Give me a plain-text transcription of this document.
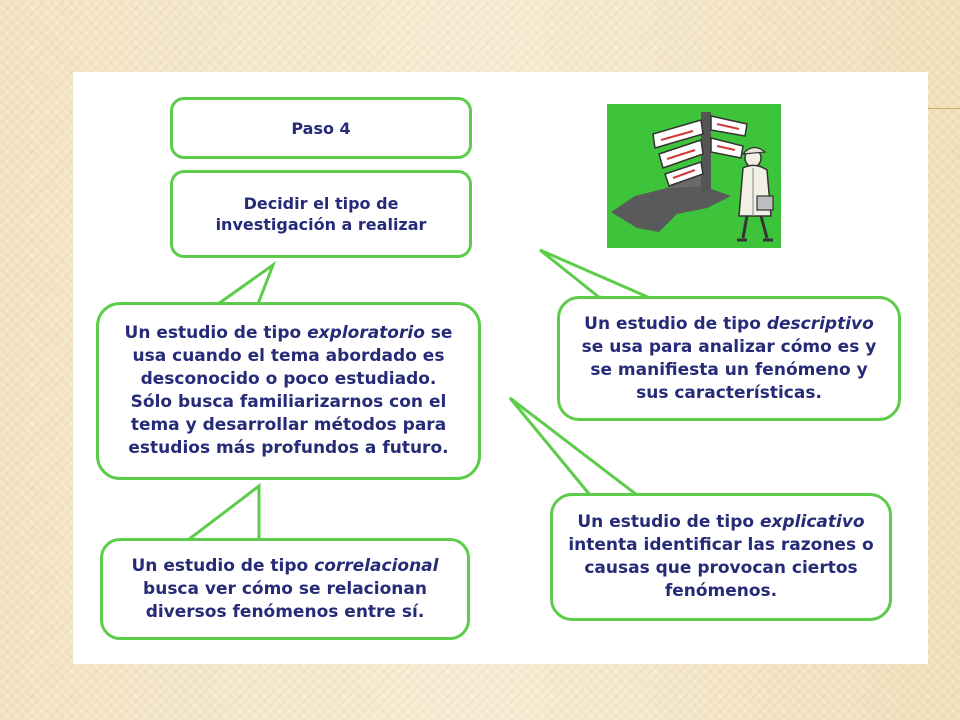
Paso 4
Decidir el tipo de
investigación a realizar
Un estudio de tipo exploratorio se
usa cuando el tema abordado es
desconocido o poco estudiado.
Sólo busca familiarizarnos con el
tema y desarrollar métodos para
estudios más profundos a futuro.
Un estudio de tipo descriptivo
se usa para analizar cómo es y
se manifiesta un fenómeno y
sus características.
Un estudio de tipo correlacional
busca ver cómo se relacionan
diversos fenómenos entre sí.
Un estudio de tipo explicativo
intenta identificar las razones o
causas que provocan ciertos
fenómenos.
